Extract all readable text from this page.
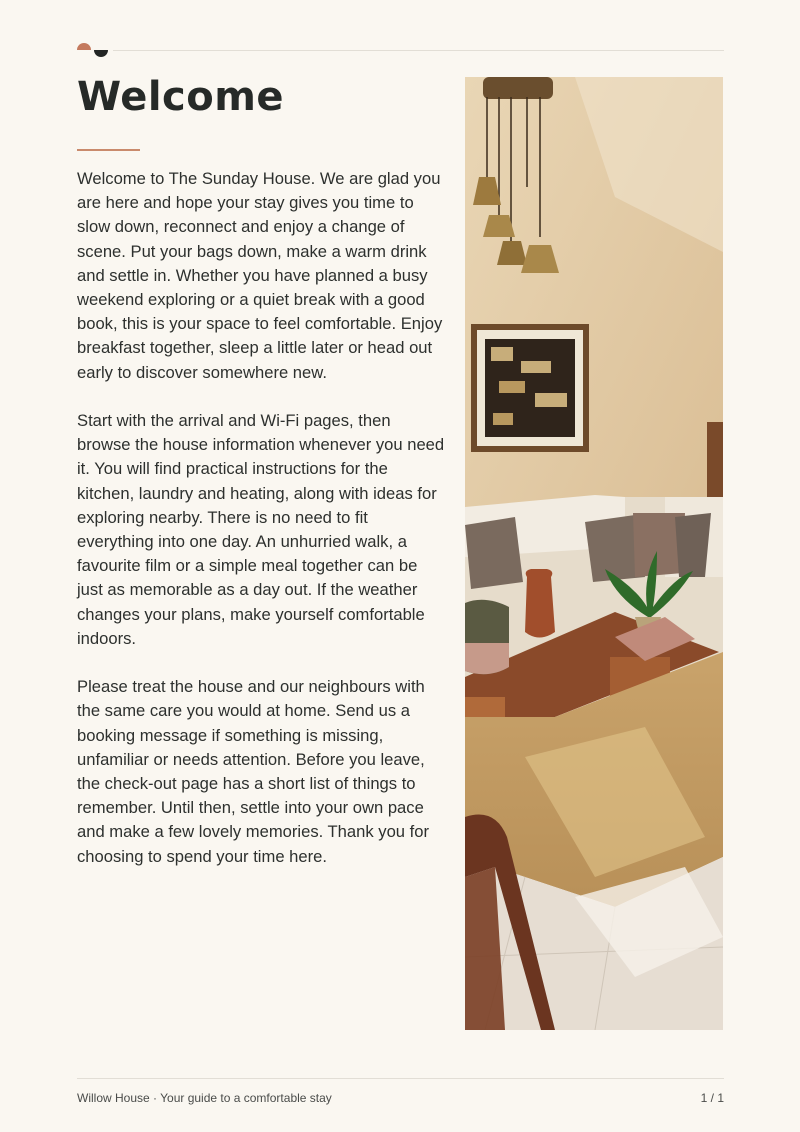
Welcome

Welcome to The Sunday House. We are glad you are here and hope your stay gives you time to slow down, reconnect and enjoy a change of scene. Put your bags down, make a warm drink and settle in. Whether you have planned a busy weekend exploring or a quiet break with a good book, this is your space to feel comfortable. Enjoy breakfast together, sleep a little later or head out early to discover somewhere new.

Start with the arrival and Wi-Fi pages, then browse the house information whenever you need it. You will find practical instructions for the kitchen, laundry and heating, along with ideas for exploring nearby. There is no need to fit everything into one day. An unhurried walk, a favourite film or a simple meal together can be just as memorable as a day out. If the weather changes your plans, make yourself comfortable indoors.

Please treat the house and our neighbours with the same care you would at home. Send us a booking message if something is missing, unfamiliar or needs attention. Before you leave, the check-out page has a short list of things to remember. Until then, settle into your own pace and make a few lovely memories. Thank you for choosing to spend your time here.

Willow House · Your guide to a comfortable stay	1 / 1
